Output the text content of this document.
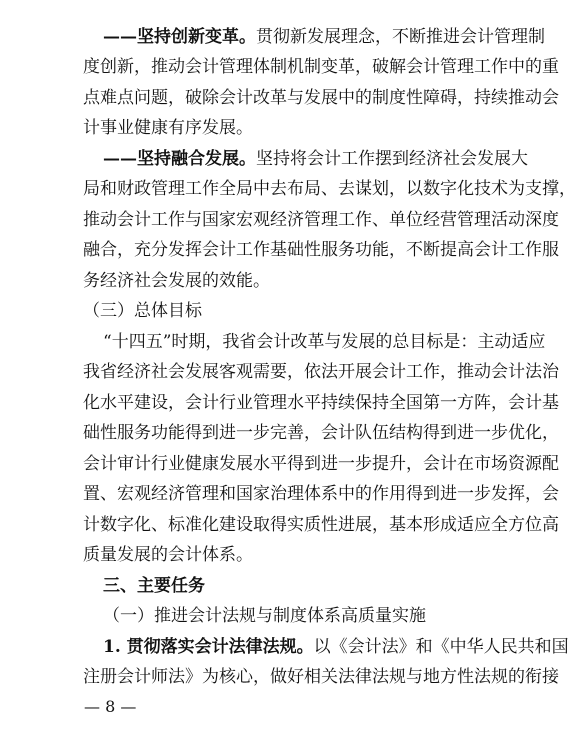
——坚持创新变革。贯彻新发展理念，不断推进会计管理制
度创新，推动会计管理体制机制变革，破解会计管理工作中的重
点难点问题，破除会计改革与发展中的制度性障碍，持续推动会
计事业健康有序发展。
——坚持融合发展。坚持将会计工作摆到经济社会发展大
局和财政管理工作全局中去布局、去谋划，以数字化技术为支撑，
推动会计工作与国家宏观经济管理工作、单位经营管理活动深度
融合，充分发挥会计工作基础性服务功能，不断提高会计工作服
务经济社会发展的效能。
（三）总体目标
“十四五”时期，我省会计改革与发展的总目标是：主动适应
我省经济社会发展客观需要，依法开展会计工作，推动会计法治
化水平建设，会计行业管理水平持续保持全国第一方阵，会计基
础性服务功能得到进一步完善，会计队伍结构得到进一步优化，
会计审计行业健康发展水平得到进一步提升，会计在市场资源配
置、宏观经济管理和国家治理体系中的作用得到进一步发挥，会
计数字化、标准化建设取得实质性进展，基本形成适应全方位高
质量发展的会计体系。
三、主要任务
（一）推进会计法规与制度体系高质量实施
1. 贯彻落实会计法律法规。以《会计法》和《中华人民共和国
注册会计师法》为核心，做好相关法律法规与地方性法规的衔接
— 8 —
